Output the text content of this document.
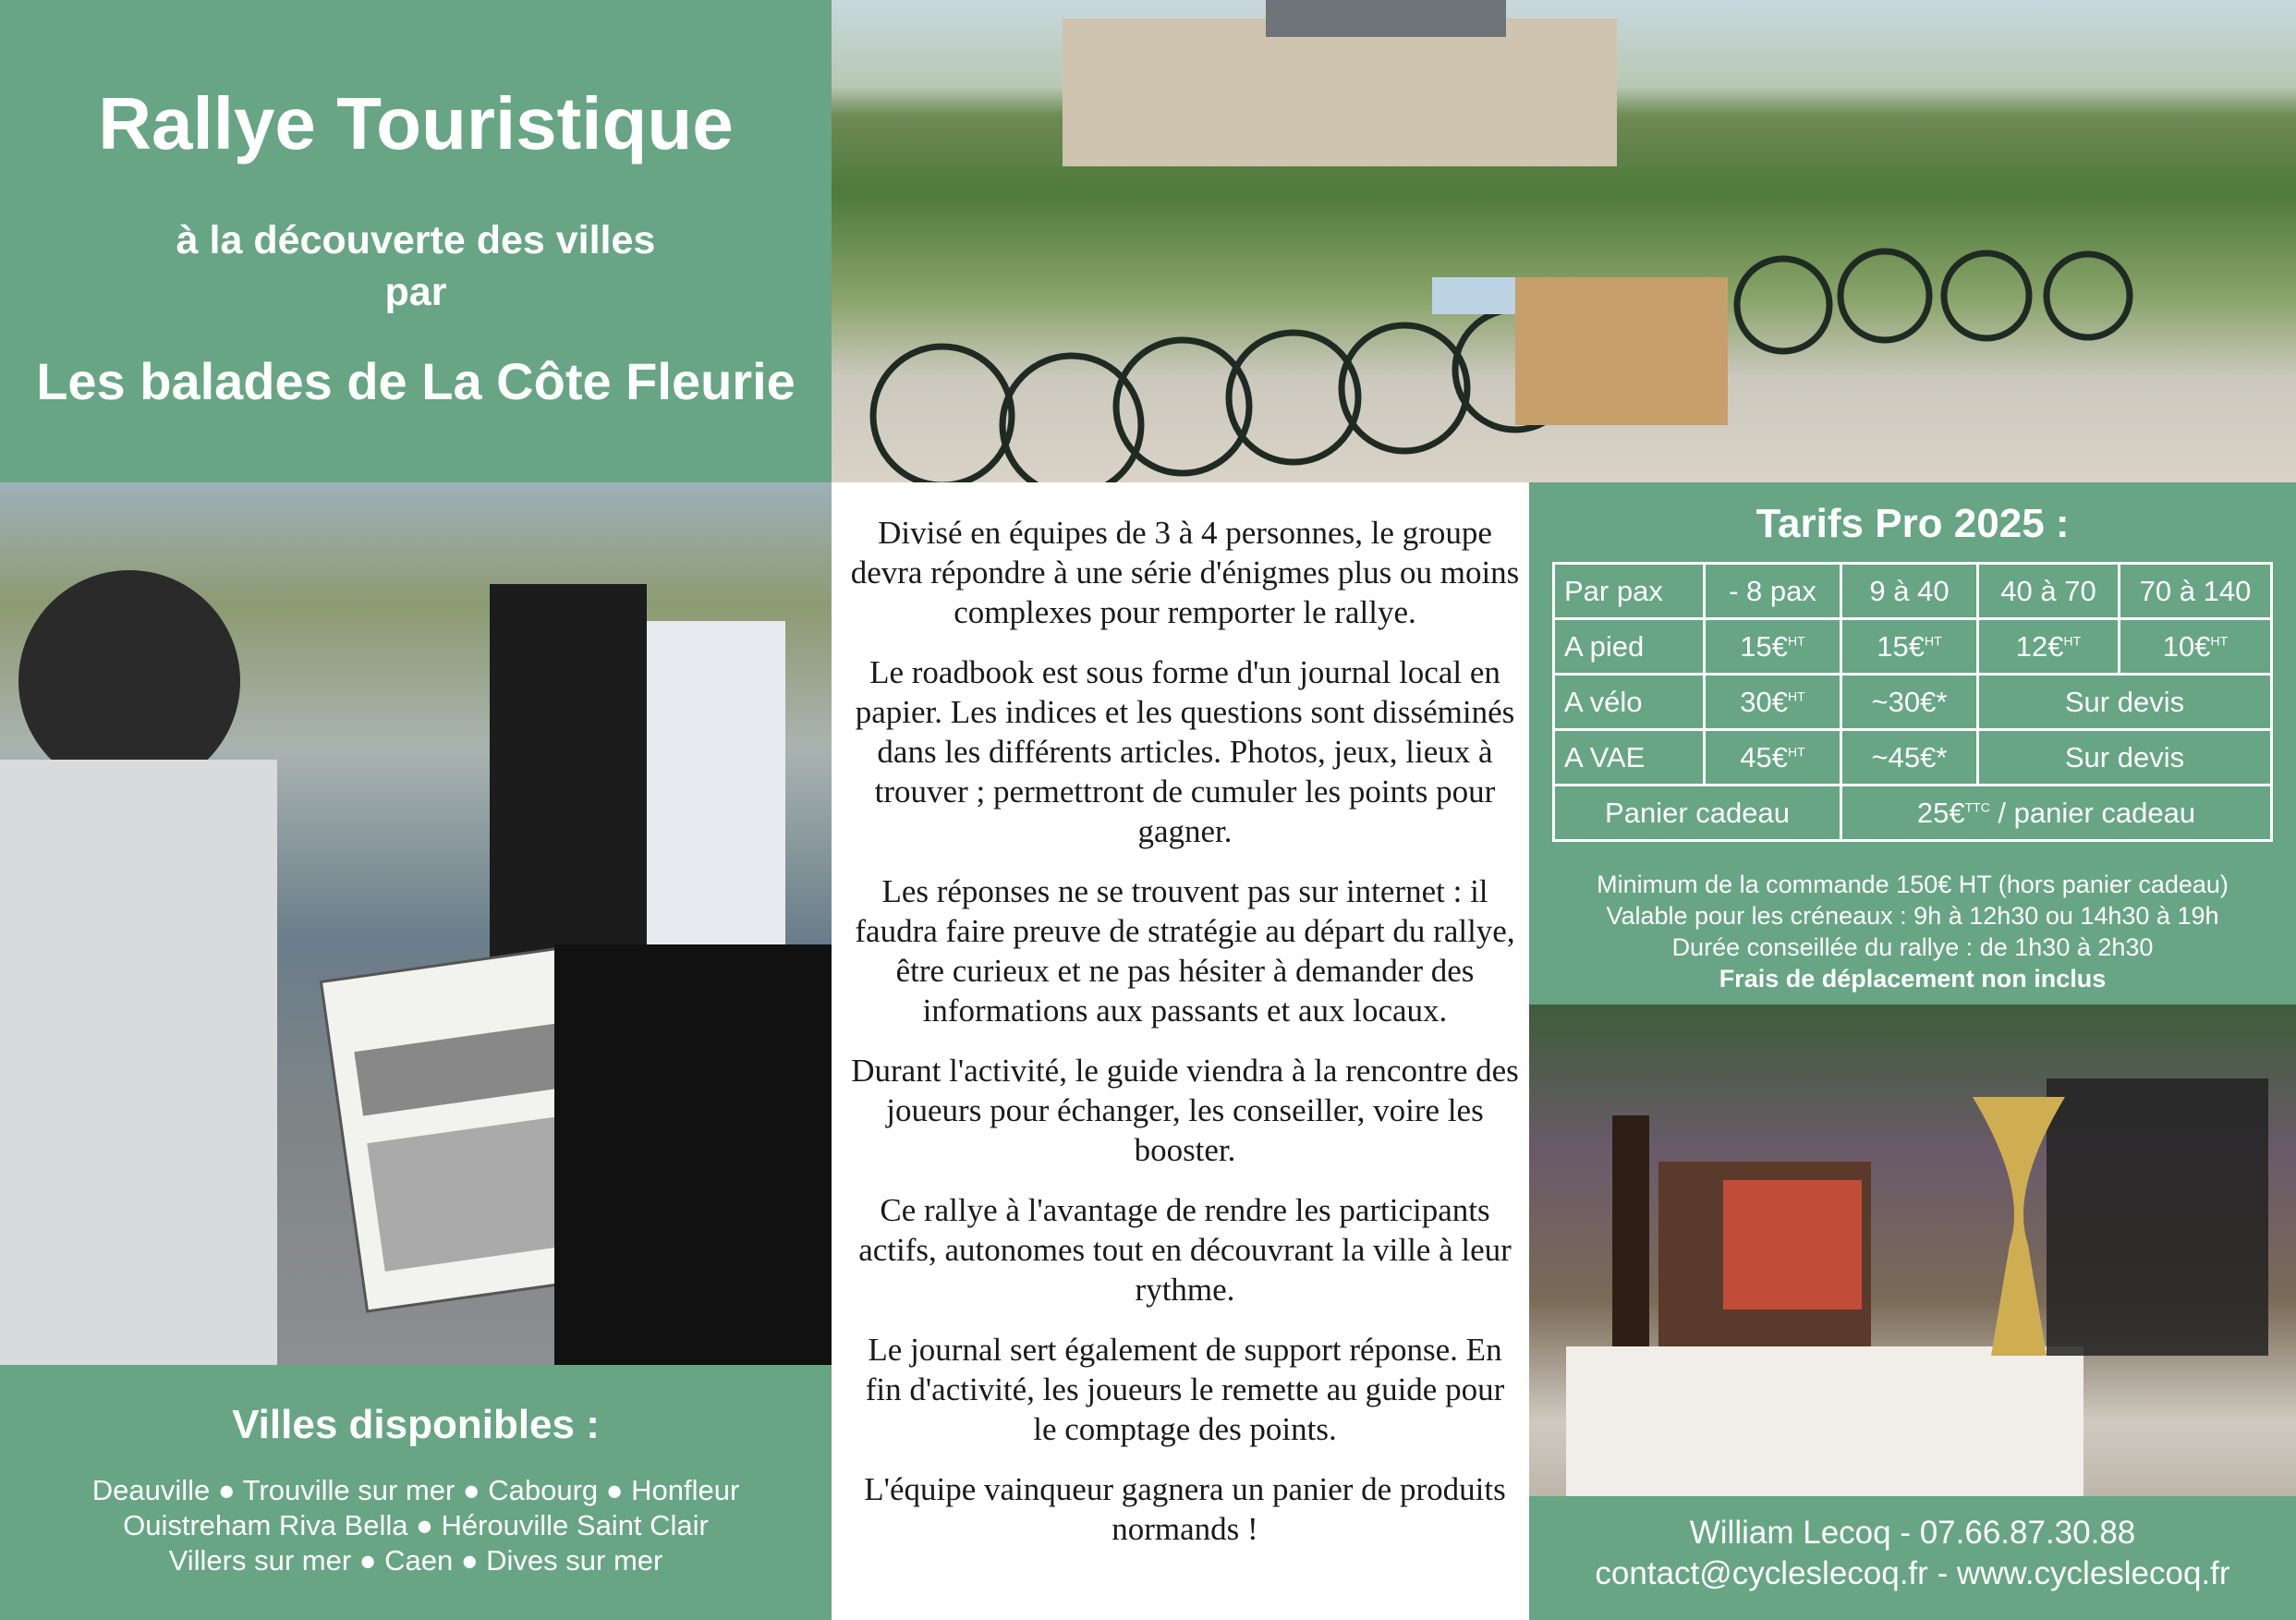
Rallye Touristique
à la découverte des villes
par
Les balades de La Côte Fleurie

Divisé en équipes de 3 à 4 personnes, le groupe devra répondre à une série d'énigmes plus ou moins complexes pour remporter le rallye.

Le roadbook est sous forme d'un journal local en papier. Les indices et les questions sont disséminés dans les différents articles. Photos, jeux, lieux à trouver ; permettront de cumuler les points pour gagner.

Les réponses ne se trouvent pas sur internet : il faudra faire preuve de stratégie au départ du rallye, être curieux et ne pas hésiter à demander des informations aux passants et aux locaux.

Durant l'activité, le guide viendra à la rencontre des joueurs pour échanger, les conseiller, voire les booster.

Ce rallye à l'avantage de rendre les participants actifs, autonomes tout en découvrant la ville à leur rythme.

Le journal sert également de support réponse. En fin d'activité, les joueurs le remette au guide pour le comptage des points.

L'équipe vainqueur gagnera un panier de produits normands !

Tarifs Pro 2025 :
Par pax	- 8 pax	9 à 40	40 à 70	70 à 140
A pied	15€$^{HT}$	15€$^{HT}$	12€$^{HT}$	10€$^{HT}$
A vélo	30€$^{HT}$	~30€*	Sur devis	
A VAE	45€$^{HT}$	~45€*	Sur devis	
Panier cadeau		25€$^{TTC}$ / panier cadeau		
Minimum de la commande 150€ HT (hors panier cadeau)
Valable pour les créneaux : 9h à 12h30 ou 14h30 à 19h
Durée conseillée du rallye : de 1h30 à 2h30
Frais de déplacement non inclus
Villes disponibles :
Deauville ● Trouville sur mer ● Cabourg ● Honfleur
Ouistreham Riva Bella ● Hérouville Saint Clair
Villers sur mer ● Caen ● Dives sur mer
William Lecoq - 07.66.87.30.88
contact@cycleslecoq.fr - www.cycleslecoq.fr
